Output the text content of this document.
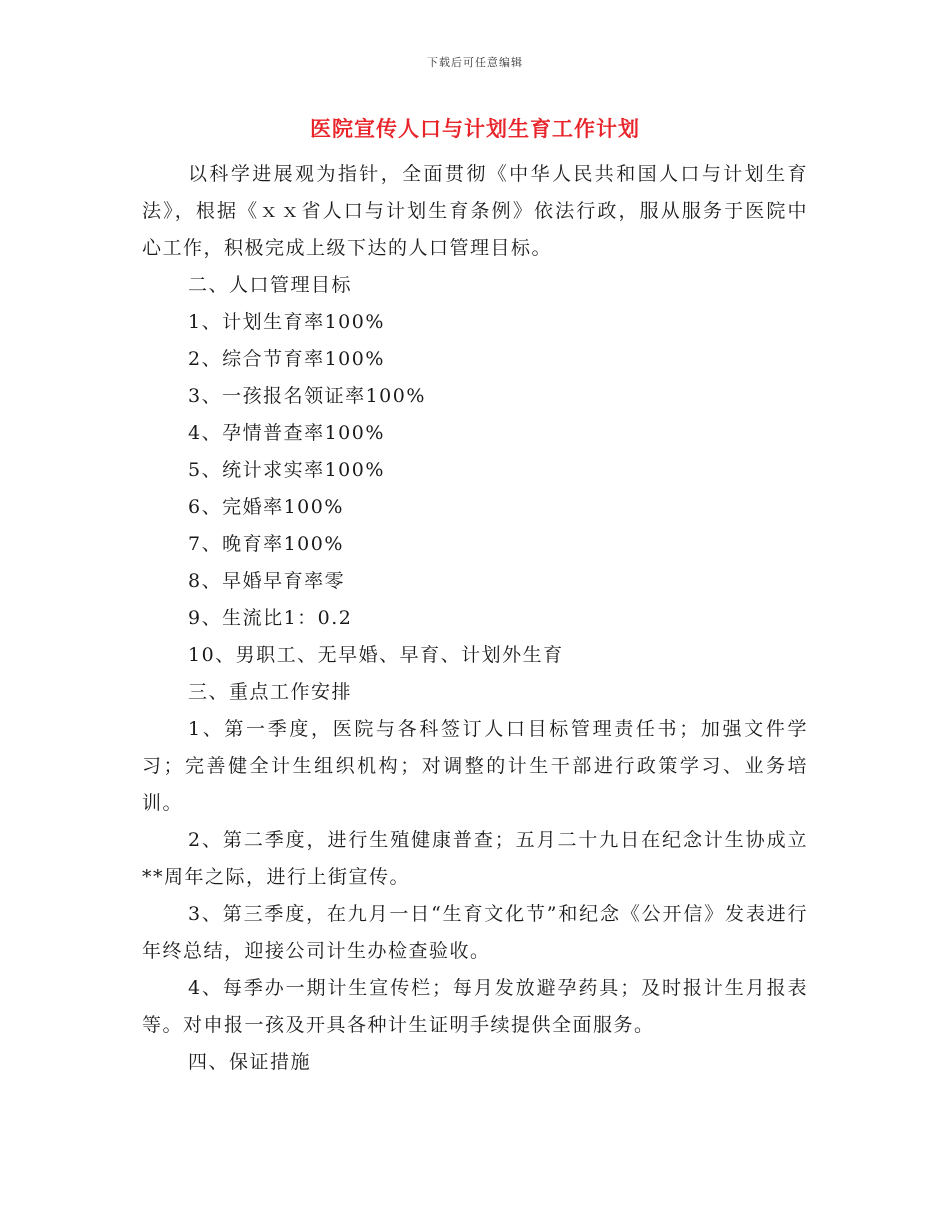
下载后可任意编辑
医院宣传人口与计划生育工作计划

以科学进展观为指针，全面贯彻《中华人民共和国人口与计划生育法》，根据《ｘｘ省人口与计划生育条例》依法行政，服从服务于医院中心工作，积极完成上级下达的人口管理目标。

二、人口管理目标

1、计划生育率100%

2、综合节育率100%

3、一孩报名领证率100%

4、孕情普查率100%

5、统计求实率100%

6、完婚率100%

7、晚育率100%

8、早婚早育率零

9、生流比1：0.2

10、男职工、无早婚、早育、计划外生育

三、重点工作安排

1、第一季度，医院与各科签订人口目标管理责任书；加强文件学习；完善健全计生组织机构；对调整的计生干部进行政策学习、业务培训。

2、第二季度，进行生殖健康普查；五月二十九日在纪念计生协成立**周年之际，进行上街宣传。

3、第三季度，在九月一日“生育文化节”和纪念《公开信》发表进行年终总结，迎接公司计生办检查验收。

4、每季办一期计生宣传栏；每月发放避孕药具；及时报计生月报表等。对申报一孩及开具各种计生证明手续提供全面服务。

四、保证措施
